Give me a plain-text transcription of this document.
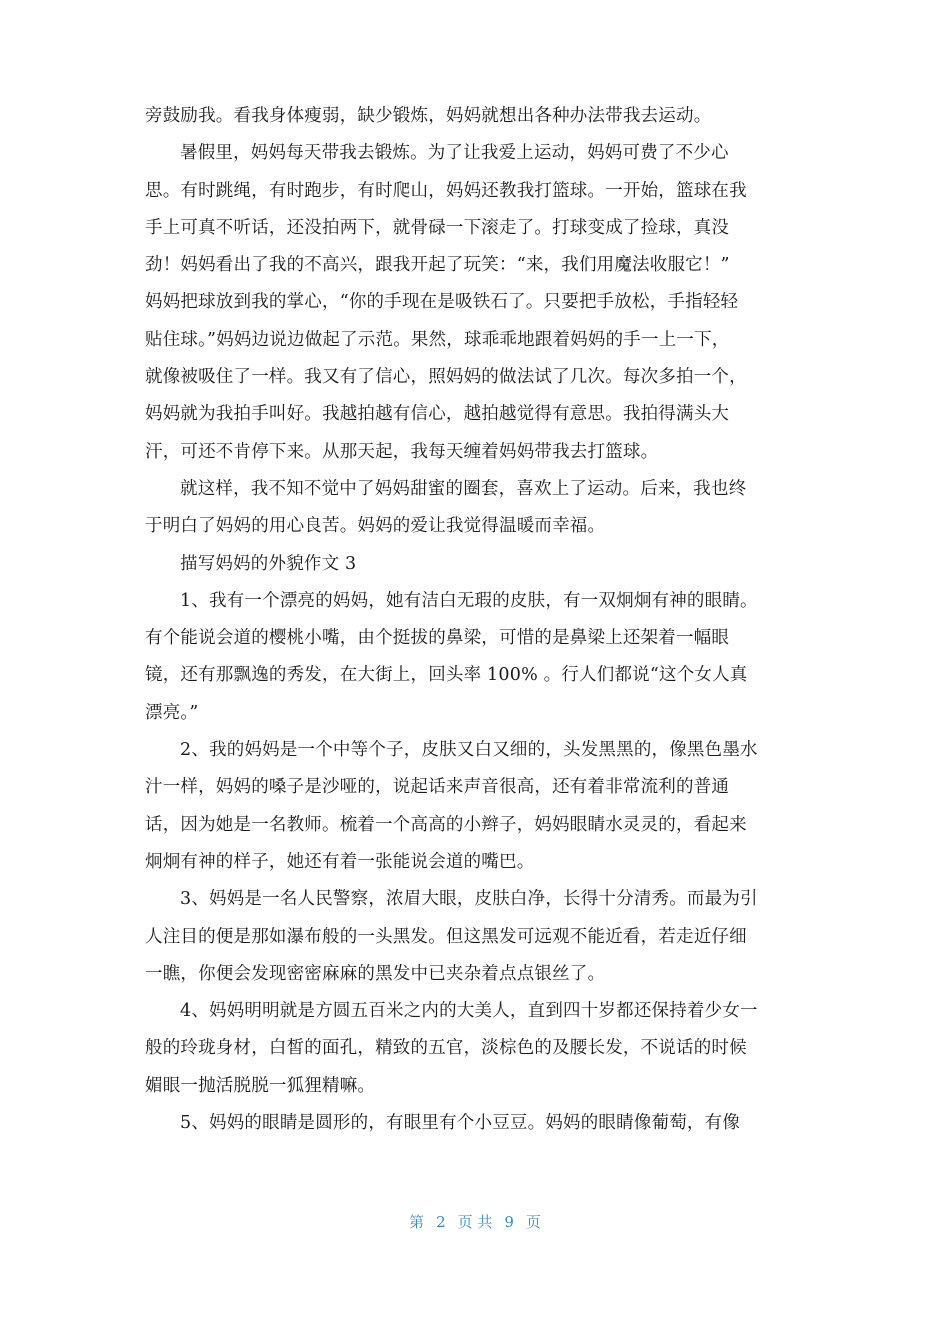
旁鼓励我。看我身体瘦弱，缺少锻炼，妈妈就想出各种办法带我去运动。
暑假里，妈妈每天带我去锻炼。为了让我爱上运动，妈妈可费了不少心
思。有时跳绳，有时跑步，有时爬山，妈妈还教我打篮球。一开始，篮球在我
手上可真不听话，还没拍两下，就骨碌一下滚走了。打球变成了捡球，真没
劲！妈妈看出了我的不高兴，跟我开起了玩笑：“来，我们用魔法收服它！”
妈妈把球放到我的掌心，“你的手现在是吸铁石了。只要把手放松，手指轻轻
贴住球。”妈妈边说边做起了示范。果然，球乖乖地跟着妈妈的手一上一下，
就像被吸住了一样。我又有了信心，照妈妈的做法试了几次。每次多拍一个，
妈妈就为我拍手叫好。我越拍越有信心，越拍越觉得有意思。我拍得满头大
汗，可还不肯停下来。从那天起，我每天缠着妈妈带我去打篮球。
就这样，我不知不觉中了妈妈甜蜜的圈套，喜欢上了运动。后来，我也终
于明白了妈妈的用心良苦。妈妈的爱让我觉得温暖而幸福。
描写妈妈的外貌作文 3
1、我有一个漂亮的妈妈，她有洁白无瑕的皮肤，有一双炯炯有神的眼睛。
有个能说会道的樱桃小嘴，由个挺拔的鼻梁，可惜的是鼻梁上还架着一幅眼
镜，还有那飘逸的秀发，在大街上，回头率 100% 。行人们都说“这个女人真
漂亮。”
2、我的妈妈是一个中等个子，皮肤又白又细的，头发黑黑的，像黑色墨水
汁一样，妈妈的嗓子是沙哑的，说起话来声音很高，还有着非常流利的普通
话，因为她是一名教师。梳着一个高高的小辫子，妈妈眼睛水灵灵的，看起来
炯炯有神的样子，她还有着一张能说会道的嘴巴。
3、妈妈是一名人民警察，浓眉大眼，皮肤白净，长得十分清秀。而最为引
人注目的便是那如瀑布般的一头黑发。但这黑发可远观不能近看，若走近仔细
一瞧，你便会发现密密麻麻的黑发中已夹杂着点点银丝了。
4、妈妈明明就是方圆五百米之内的大美人，直到四十岁都还保持着少女一
般的玲珑身材，白皙的面孔，精致的五官，淡棕色的及腰长发，不说话的时候
媚眼一抛活脱脱一狐狸精嘛。
5、妈妈的眼睛是圆形的，有眼里有个小豆豆。妈妈的眼睛像葡萄，有像
第 2 页 共 9 页
